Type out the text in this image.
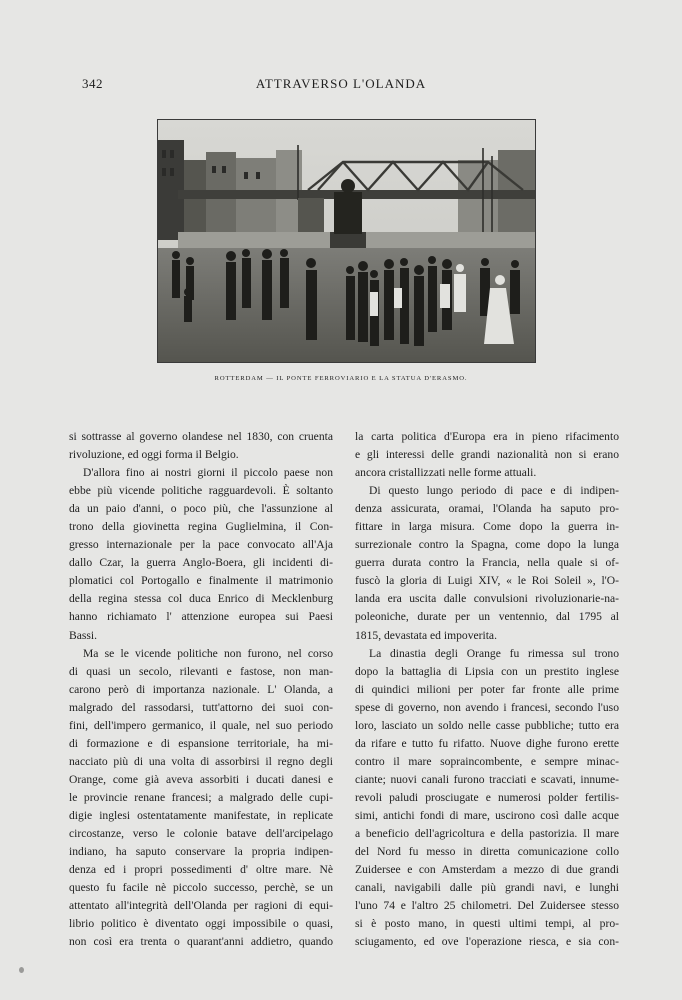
342	ATTRAVERSO L'OLANDA
ROTTERDAM — IL PONTE FERROVIARIO E LA STATUA D'ERASMO.
si sottrasse al governo olandese nel 1830, con cruenta
rivoluzione, ed oggi forma il Belgio.
D'allora fino ai nostri giorni il piccolo paese non
ebbe più vicende politiche ragguardevoli. È soltanto
da un paio d'anni, o poco più, che l'assunzione al
trono della giovinetta regina Guglielmina, il Con-
gresso internazionale per la pace convocato all'Aja
dallo Czar, la guerra Anglo-Boera, gli incidenti di-
plomatici col Portogallo e finalmente il matrimonio
della regina stessa col duca Enrico di Mecklenburg
hanno richiamato l' attenzione europea sui Paesi
Bassi.
Ma se le vicende politiche non furono, nel corso
di quasi un secolo, rilevanti e fastose, non man-
carono però di importanza nazionale. L' Olanda, a
malgrado del rassodarsi, tutt'attorno dei suoi con-
fini, dell'impero germanico, il quale, nel suo periodo
di formazione e di espansione territoriale, ha mi-
nacciato più di una volta di assorbirsi il regno degli
Orange, come già aveva assorbiti i ducati danesi e
le provincie renane francesi; a malgrado delle cupi-
digie inglesi ostentatamente manifestate, in replicate
circostanze, verso le colonie batave dell'arcipelago
indiano, ha saputo conservare la propria indipen-
denza ed i propri possedimenti d' oltre mare. Nè
questo fu facile nè piccolo successo, perchè, se un
attentato all'integrità dell'Olanda per ragioni di equi-
librio politico è diventato oggi impossibile o quasi,
non così era trenta o quarant'anni addietro, quando
la carta politica d'Europa era in pieno rifacimento
e gli interessi delle grandi nazionalità non si erano
ancora cristallizzati nelle forme attuali.
Di questo lungo periodo di pace e di indipen-
denza assicurata, oramai, l'Olanda ha saputo pro-
fittare in larga misura. Come dopo la guerra in-
surrezionale contro la Spagna, come dopo la lunga
guerra durata contro la Francia, nella quale si of-
fuscò la gloria di Luigi XIV, « le Roi Soleil », l'O-
landa era uscita dalle convulsioni rivoluzionarie-na-
poleoniche, durate per un ventennio, dal 1795 al
1815, devastata ed impoverita.
La dinastia degli Orange fu rimessa sul trono
dopo la battaglia di Lipsia con un prestito inglese
di quindici milioni per poter far fronte alle prime
spese di governo, non avendo i francesi, secondo l'uso
loro, lasciato un soldo nelle casse pubbliche; tutto era
da rifare e tutto fu rifatto. Nuove dighe furono erette
contro il mare sopraincombente, e sempre minac-
ciante; nuovi canali furono tracciati e scavati, innume-
revoli paludi prosciugate e numerosi polder fertilis-
simi, antichi fondi di mare, uscirono così dalle acque
a beneficio dell'agricoltura e della pastorizia. Il mare
del Nord fu messo in diretta comunicazione collo
Zuidersee e con Amsterdam a mezzo di due grandi
canali, navigabili dalle più grandi navi, e lunghi
l'uno 74 e l'altro 25 chilometri. Del Zuidersee stesso
si è posto mano, in questi ultimi tempi, al pro-
sciugamento, ed ove l'operazione riesca, e sia con-
